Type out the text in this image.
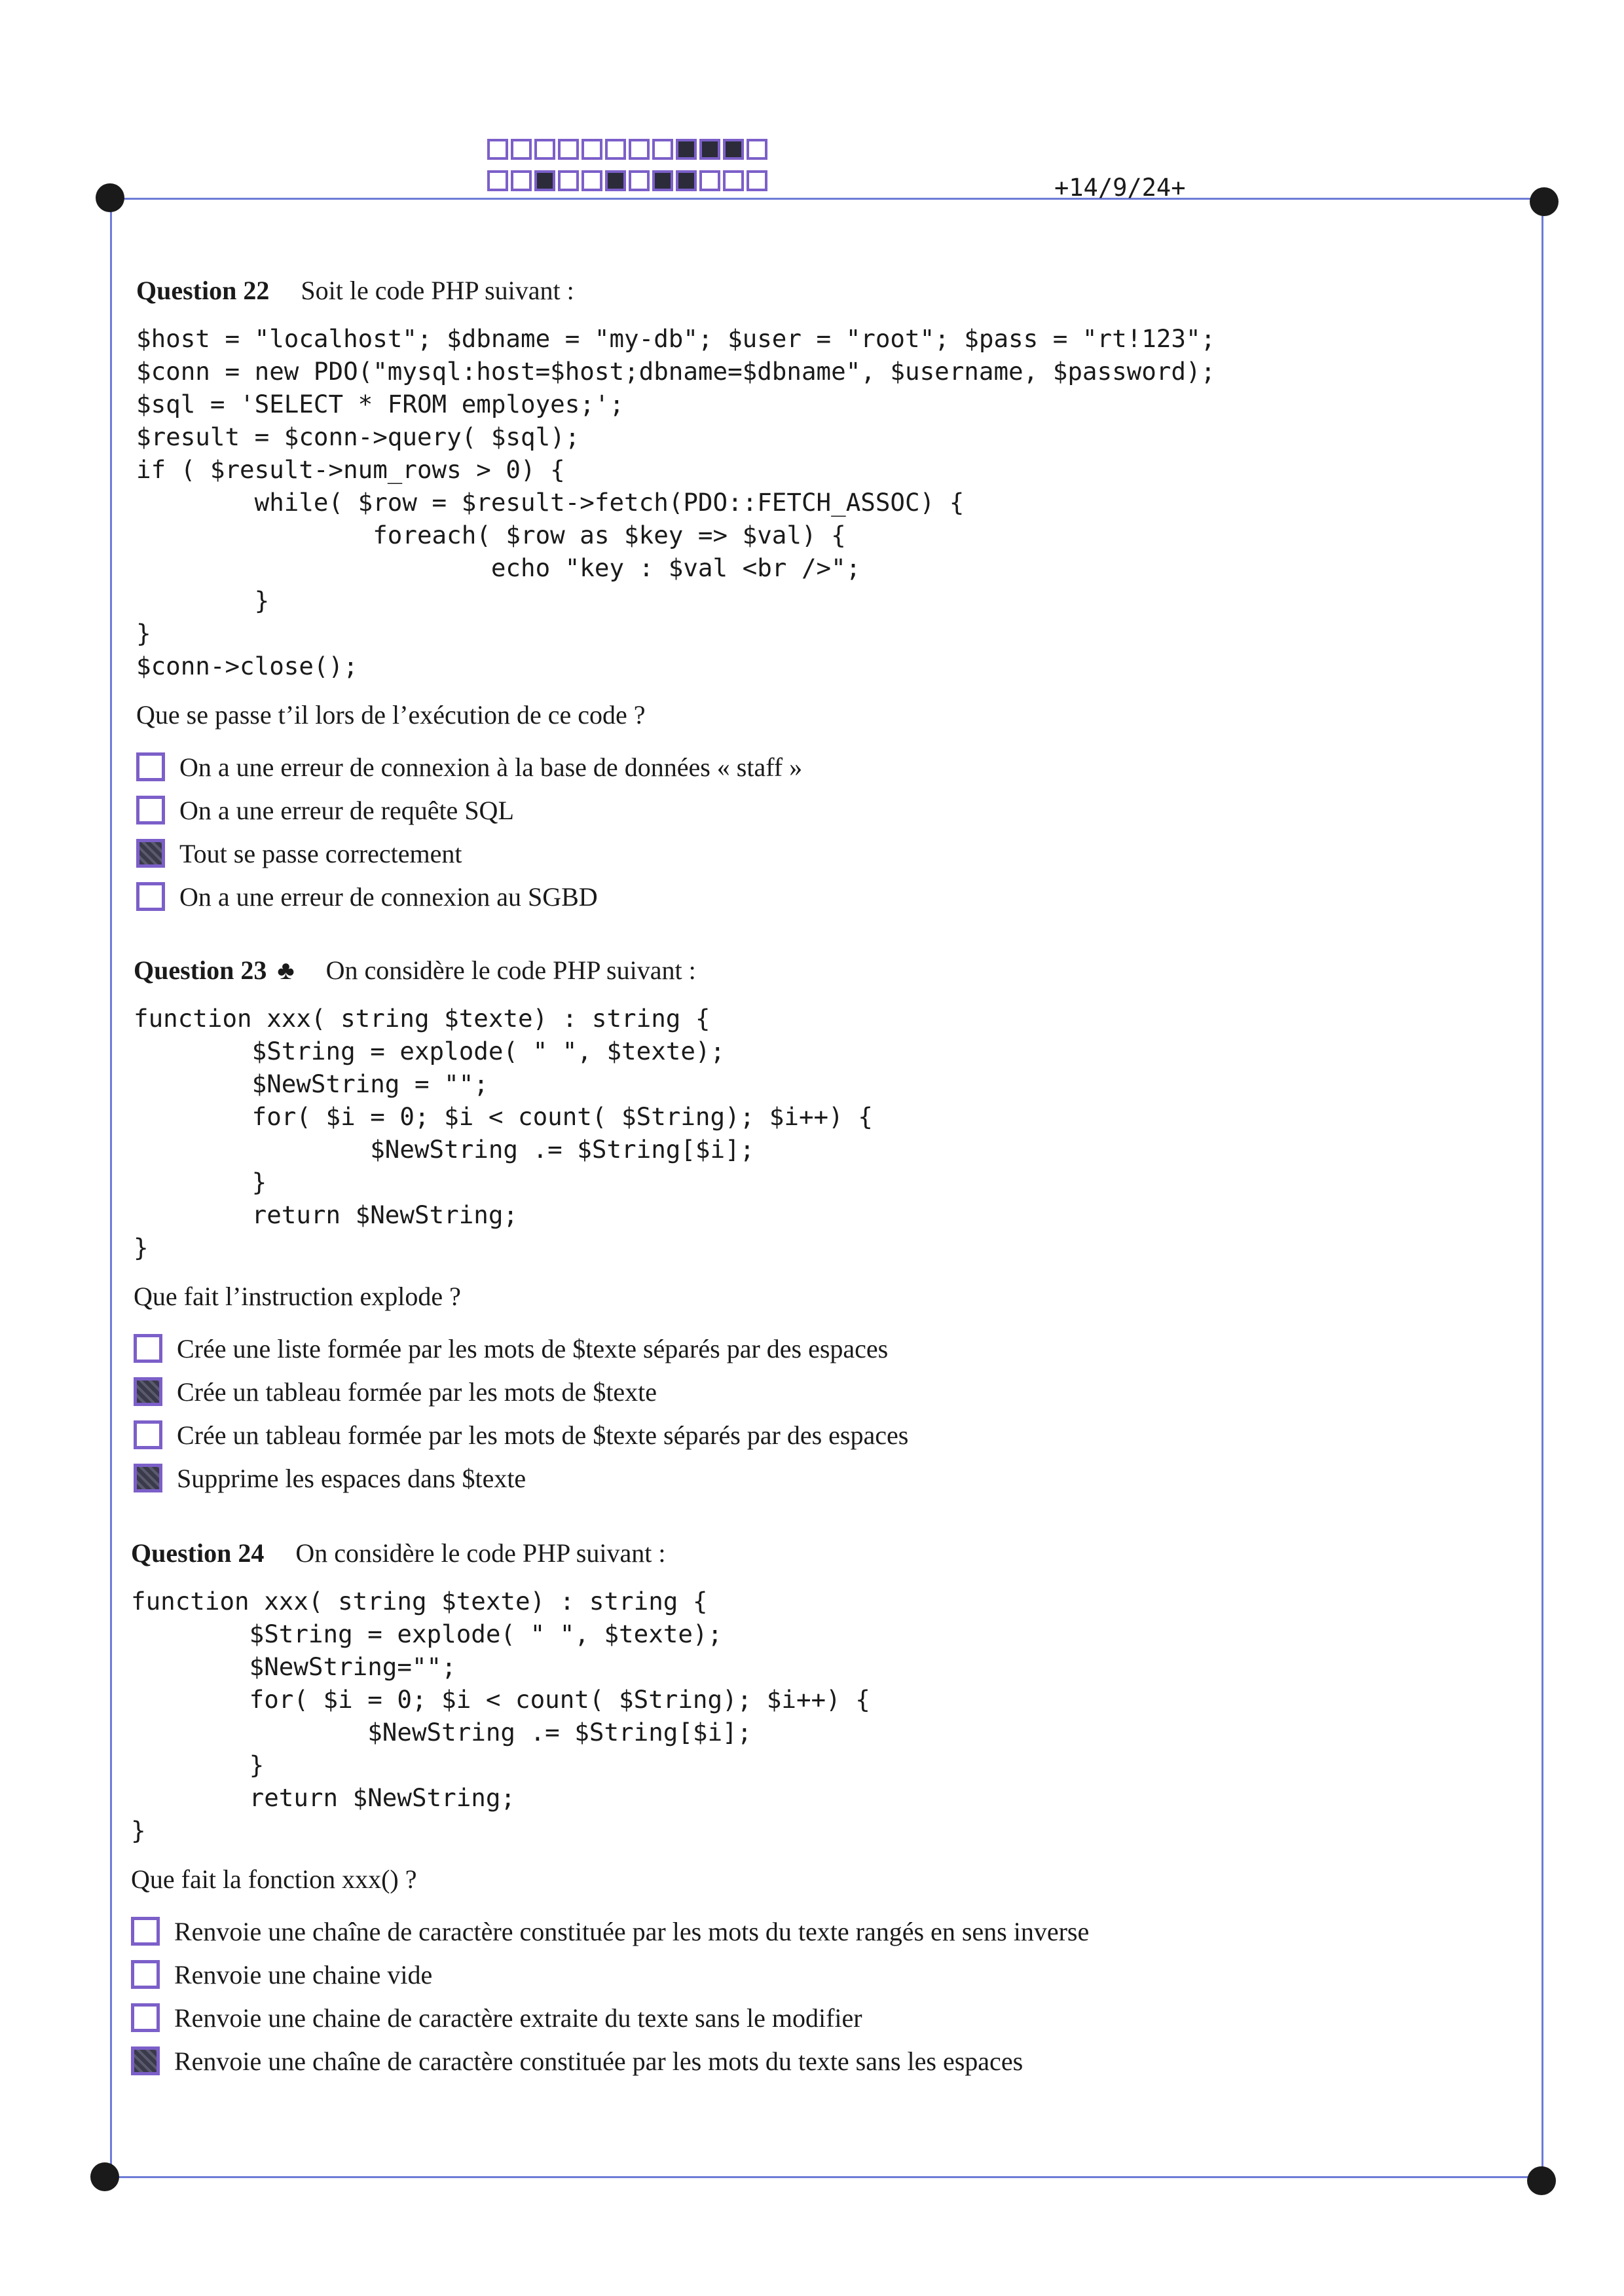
+14/9/24+
Question 22 Soit le code PHP suivant :
$host = "localhost"; $dbname = "my-db"; $user = "root"; $pass = "rt!123";
$conn = new PDO("mysql:host=$host;dbname=$dbname", $username, $password);
$sql = 'SELECT * FROM employes;';
$result = $conn->query( $sql);
if ( $result->num_rows > 0) {
while( $row = $result->fetch(PDO::FETCH_ASSOC) {
foreach( $row as $key => $val) {
echo "key : $val <br />";
}
}
$conn->close();
Que se passe t’il lors de l’exécution de ce code ?
On a une erreur de connexion à la base de données « staff »
On a une erreur de requête SQL
Tout se passe correctement
On a une erreur de connexion au SGBD
Question 23 ♣ On considère le code PHP suivant :
function xxx( string $texte) : string {
$String = explode( " ", $texte);
$NewString = "";
for( $i = 0; $i < count( $String); $i++) {
$NewString .= $String[$i];
}
return $NewString;
}
Que fait l’instruction explode ?
Crée une liste formée par les mots de $texte séparés par des espaces
Crée un tableau formée par les mots de $texte
Crée un tableau formée par les mots de $texte séparés par des espaces
Supprime les espaces dans $texte
Question 24 On considère le code PHP suivant :
function xxx( string $texte) : string {
$String = explode( " ", $texte);
$NewString="";
for( $i = 0; $i < count( $String); $i++) {
$NewString .= $String[$i];
}
return $NewString;
}
Que fait la fonction xxx() ?
Renvoie une chaîne de caractère constituée par les mots du texte rangés en sens inverse
Renvoie une chaine vide
Renvoie une chaine de caractère extraite du texte sans le modifier
Renvoie une chaîne de caractère constituée par les mots du texte sans les espaces
